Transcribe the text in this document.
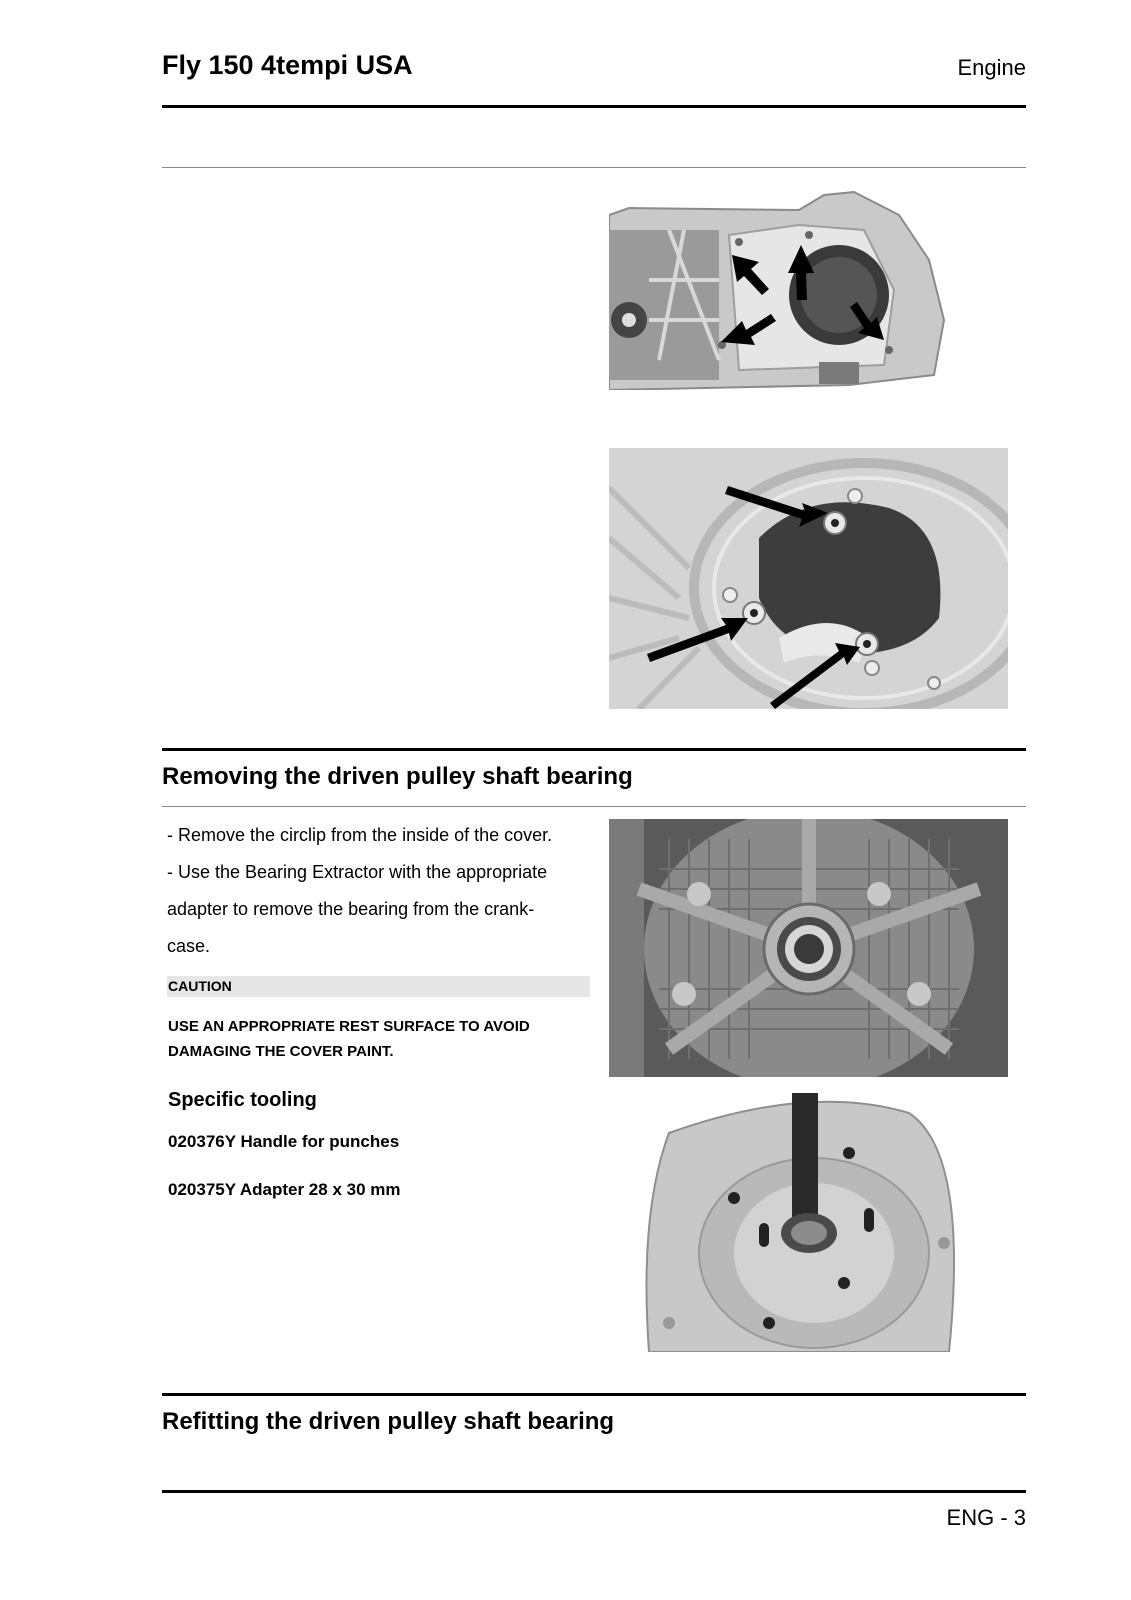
Fly 150 4tempi USA	Engine
Removing the driven pulley shaft bearing
- Remove the circlip from the inside of the cover.
- Use the Bearing Extractor with the appropriate
adapter to remove the bearing from the crank-
case.
CAUTION
USE AN APPROPRIATE REST SURFACE TO AVOID
DAMAGING THE COVER PAINT.
Specific tooling
020376Y Handle for punches
020375Y Adapter 28 x 30 mm
Refitting the driven pulley shaft bearing
ENG - 3
